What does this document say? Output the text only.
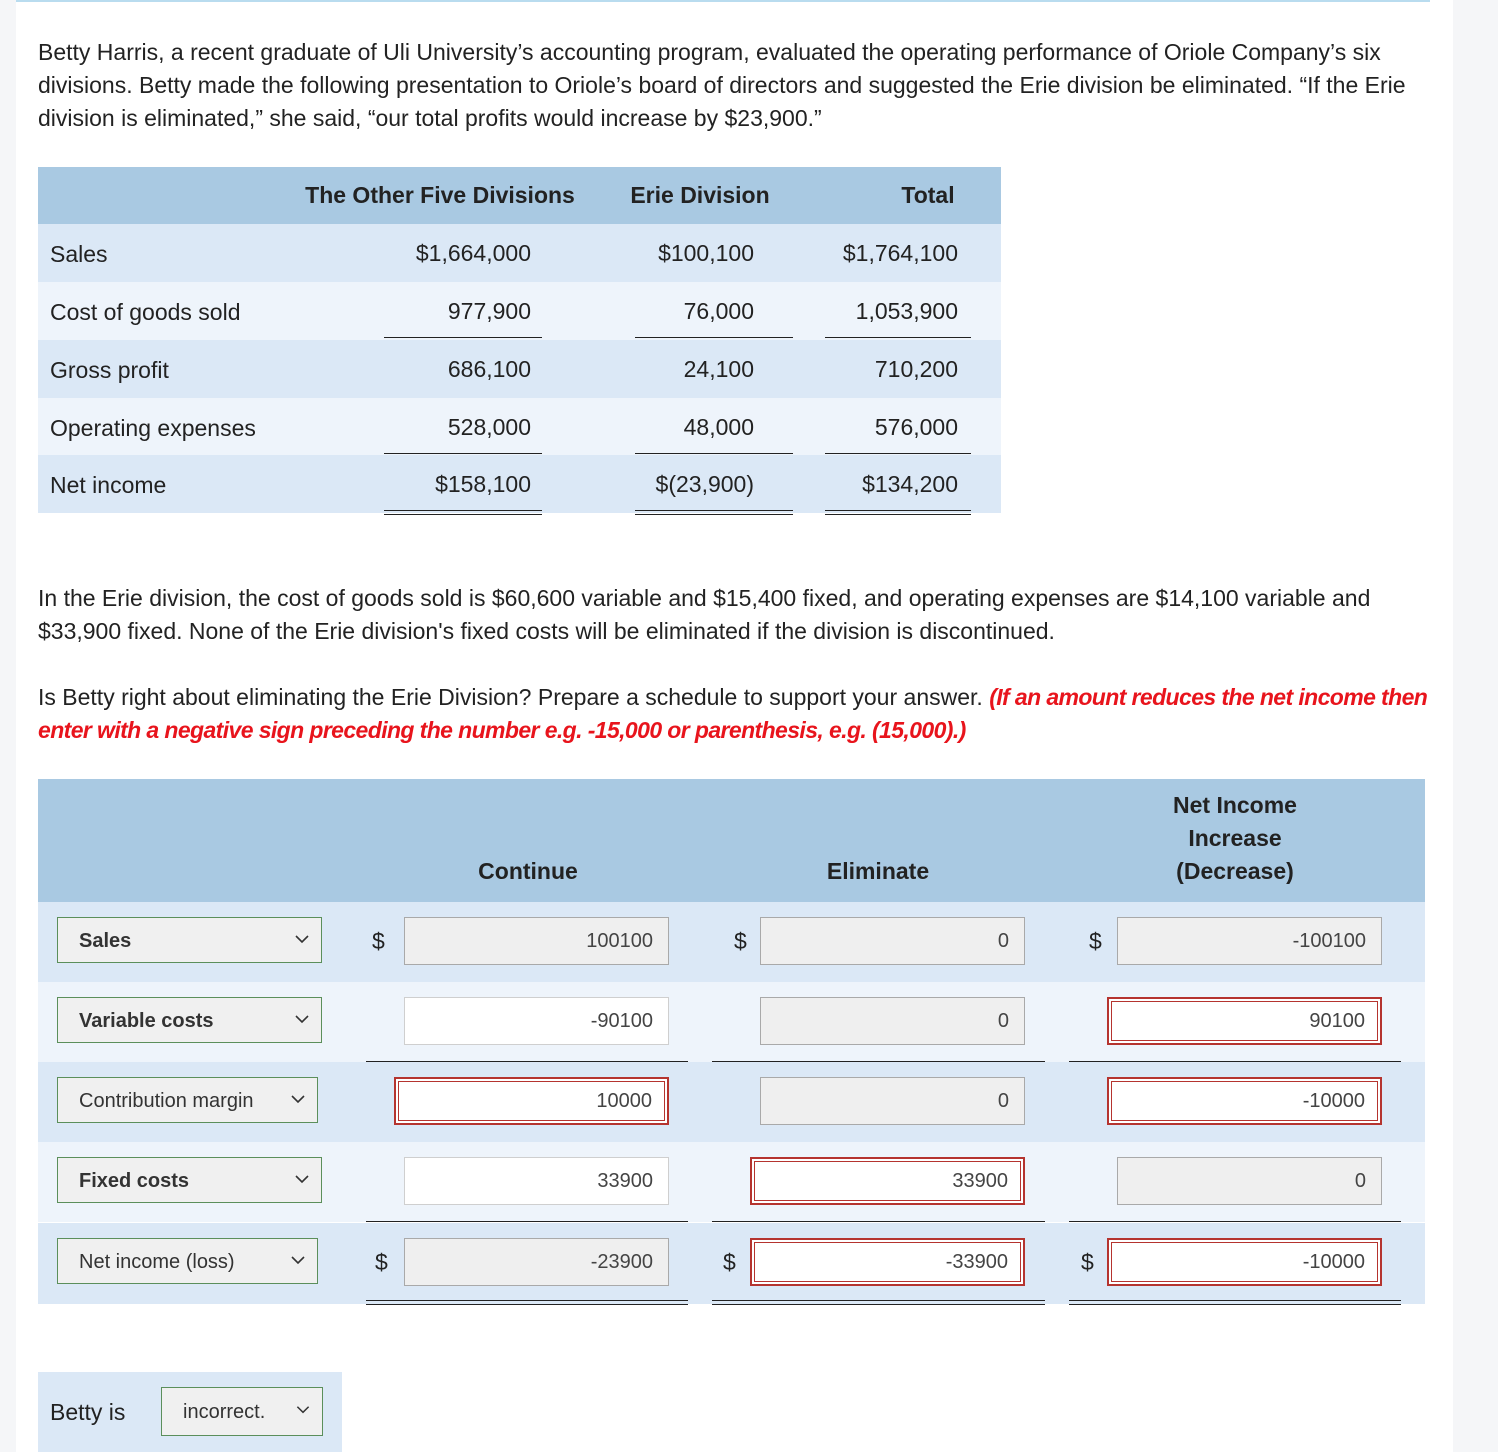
Betty Harris, a recent graduate of Uli University’s accounting program, evaluated the operating performance of Oriole Company’s six divisions. Betty made the following presentation to Oriole’s board of directors and suggested the Erie division be eliminated. “If the Erie division is eliminated,” she said, “our total profits would increase by $23,900.”
The Other Five Divisions	Erie Division	Total
Sales	$1,664,000	$100,100	$1,764,100
Cost of goods sold	977,900	76,000	1,053,900
Gross profit	686,100	24,100	710,200
Operating expenses	528,000	48,000	576,000
Net income	$158,100	$(23,900)	$134,200
In the Erie division, the cost of goods sold is $60,600 variable and $15,400 fixed, and operating expenses are $14,100 variable and $33,900 fixed. None of the Erie division's fixed costs will be eliminated if the division is discontinued.
Is Betty right about eliminating the Erie Division? Prepare a schedule to support your answer. (If an amount reduces the net income then enter with a negative sign preceding the number e.g. -15,000 or parenthesis, e.g. (15,000).)
Continue	Eliminate
Net Income
Increase
(Decrease)
Sales	$	100100	$	0	$	-100100
Variable costs	-90100	0	90100
Contribution margin	10000	0	-10000
Fixed costs	33900	33900	0
Net income (loss)	$	-23900	$	-33900	$	-10000
Betty is	incorrect.
